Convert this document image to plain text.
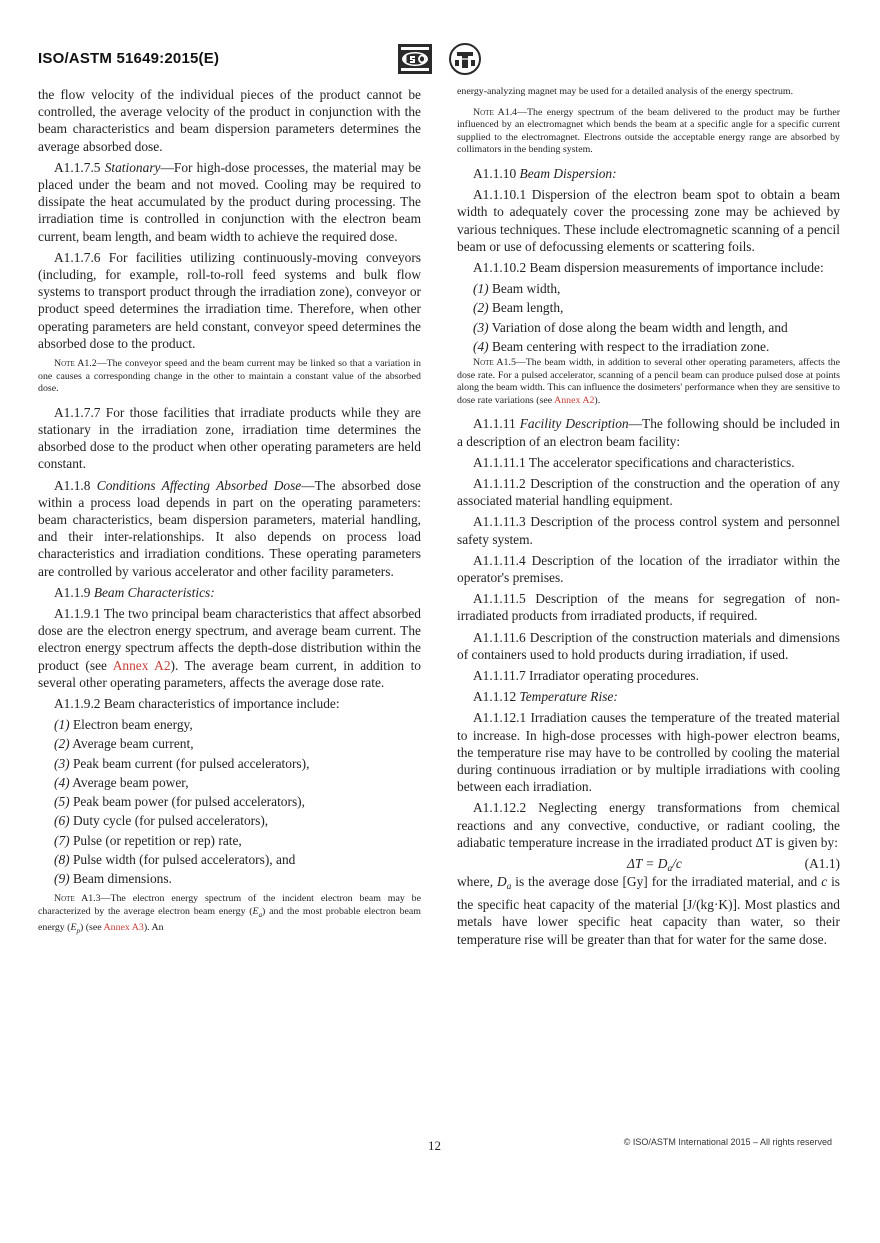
ISO/ASTM 51649:2015(E)

the flow velocity of the individual pieces of the product cannot be controlled, the average velocity of the product in conjunction with the beam characteristics and beam dispersion parameters determines the average absorbed dose.

A1.1.7.5 Stationary—For high-dose processes, the material may be placed under the beam and not moved. Cooling may be required to dissipate the heat accumulated by the product during processing. The irradiation time is controlled in conjunction with the electron beam current, beam length, and beam width to achieve the required dose.

A1.1.7.6 For facilities utilizing continuously-moving conveyors (including, for example, roll-to-roll feed systems and bulk flow systems to transport product through the irradiation zone), conveyor or product speed determines the irradiation time. Therefore, when other operating parameters are held constant, conveyor speed determines the absorbed dose to the product.

Note A1.2—The conveyor speed and the beam current may be linked so that a variation in one causes a corresponding change in the other to maintain a constant value of the absorbed dose.

A1.1.7.7 For those facilities that irradiate products while they are stationary in the irradiation zone, irradiation time determines the absorbed dose to the product when other operating parameters are held constant.

A1.1.8 Conditions Affecting Absorbed Dose—The absorbed dose within a process load depends in part on the operating parameters: beam characteristics, beam dispersion parameters, material handling, and their inter-relationships. It also depends on process load characteristics and irradiation conditions. These operating parameters are controlled by various accelerator and other facility parameters.

A1.1.9 Beam Characteristics:

A1.1.9.1 The two principal beam characteristics that affect absorbed dose are the electron energy spectrum, and average beam current. The electron energy spectrum affects the depth-dose distribution within the product (see Annex A2). The average beam current, in addition to several other operating parameters, affects the average dose rate.

A1.1.9.2 Beam characteristics of importance include:

(1) Electron beam energy,

(2) Average beam current,

(3) Peak beam current (for pulsed accelerators),

(4) Average beam power,

(5) Peak beam power (for pulsed accelerators),

(6) Duty cycle (for pulsed accelerators),

(7) Pulse (or repetition or rep) rate,

(8) Pulse width (for pulsed accelerators), and

(9) Beam dimensions.

Note A1.3—The electron energy spectrum of the incident electron beam may be characterized by the average electron beam energy $(E_a)$ and the most probable electron beam energy $(E_p)$ (see Annex A3). An

energy-analyzing magnet may be used for a detailed analysis of the energy spectrum.

Note A1.4—The energy spectrum of the beam delivered to the product may be further influenced by an electromagnet which bends the beam at a specific angle for a specific current supplied to the electromagnet. Electrons outside the acceptable energy range are absorbed by collimators in the bending system.

A1.1.10 Beam Dispersion:

A1.1.10.1 Dispersion of the electron beam spot to obtain a beam width to adequately cover the processing zone may be achieved by various techniques. These include electromagnetic scanning of a pencil beam or use of defocussing elements or scattering foils.

A1.1.10.2 Beam dispersion measurements of importance include:

(1) Beam width,

(2) Beam length,

(3) Variation of dose along the beam width and length, and

(4) Beam centering with respect to the irradiation zone.

Note A1.5—The beam width, in addition to several other operating parameters, affects the dose rate. For a pulsed accelerator, scanning of a pencil beam can produce pulsed dose at points along the beam width. This can influence the dosimeters' performance when they are sensitive to dose rate variations (see Annex A2).

A1.1.11 Facility Description—The following should be included in a description of an electron beam facility:

A1.1.11.1 The accelerator specifications and characteristics.

A1.1.11.2 Description of the construction and the operation of any associated material handling equipment.

A1.1.11.3 Description of the process control system and personnel safety system.

A1.1.11.4 Description of the location of the irradiator within the operator's premises.

A1.1.11.5 Description of the means for segregation of non-irradiated products from irradiated products, if required.

A1.1.11.6 Description of the construction materials and dimensions of containers used to hold products during irradiation, if used.

A1.1.11.7 Irradiator operating procedures.

A1.1.12 Temperature Rise:

A1.1.12.1 Irradiation causes the temperature of the treated material to increase. In high-dose processes with high-power electron beams, the temperature rise may have to be controlled by cooling the material during continuous irradiation or by multiple irradiations with cooling between each irradiation.

A1.1.12.2 Neglecting energy transformations from chemical reactions and any convective, conductive, or radiant cooling, the adiabatic temperature increase in the irradiated product ΔT is given by:

$\Delta T = D_a/c$	(A1.1)

where, $D_a$ is the average dose [Gy] for the irradiated material, and c is the specific heat capacity of the material [J/(kg·K)]. Most plastics and metals have lower specific heat capacity than water, so their temperature rise will be greater than that for water for the same dose.

12	© ISO/ASTM International 2015 – All rights reserved
